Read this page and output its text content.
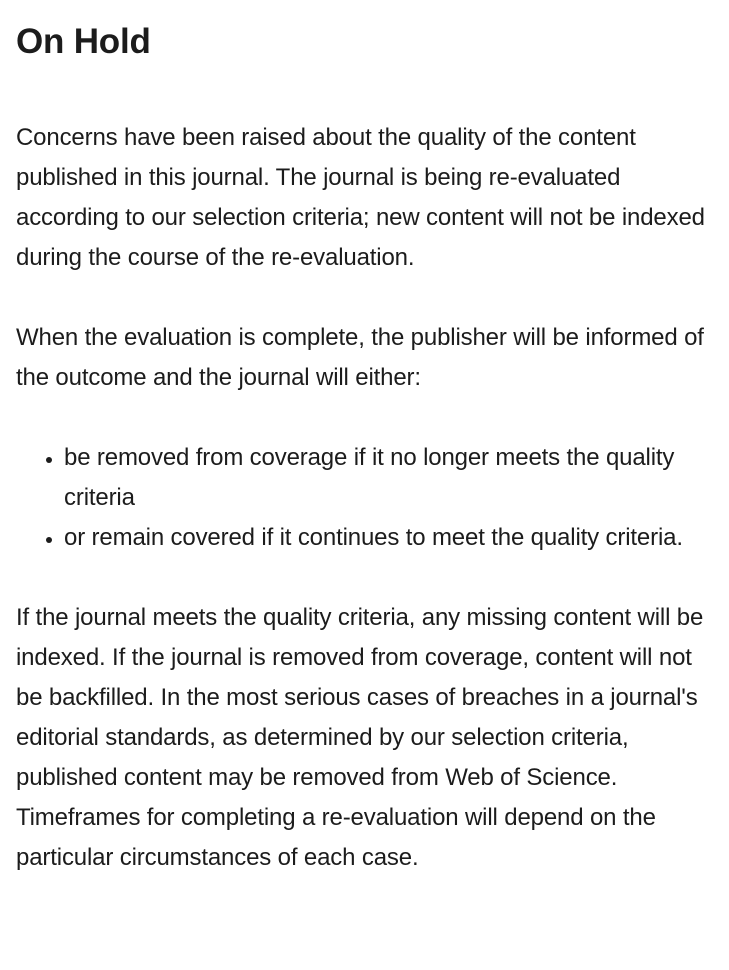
On Hold

Concerns have been raised about the quality of the content published in this journal. The journal is being re-evaluated according to our selection criteria; new content will not be indexed during the course of the re-evaluation.

When the evaluation is complete, the publisher will be informed of the outcome and the journal will either:

• be removed from coverage if it no longer meets the quality criteria
• or remain covered if it continues to meet the quality criteria.

If the journal meets the quality criteria, any missing content will be indexed. If the journal is removed from coverage, content will not be backfilled. In the most serious cases of breaches in a journal's editorial standards, as determined by our selection criteria, published content may be removed from Web of Science. Timeframes for completing a re-evaluation will depend on the particular circumstances of each case.
